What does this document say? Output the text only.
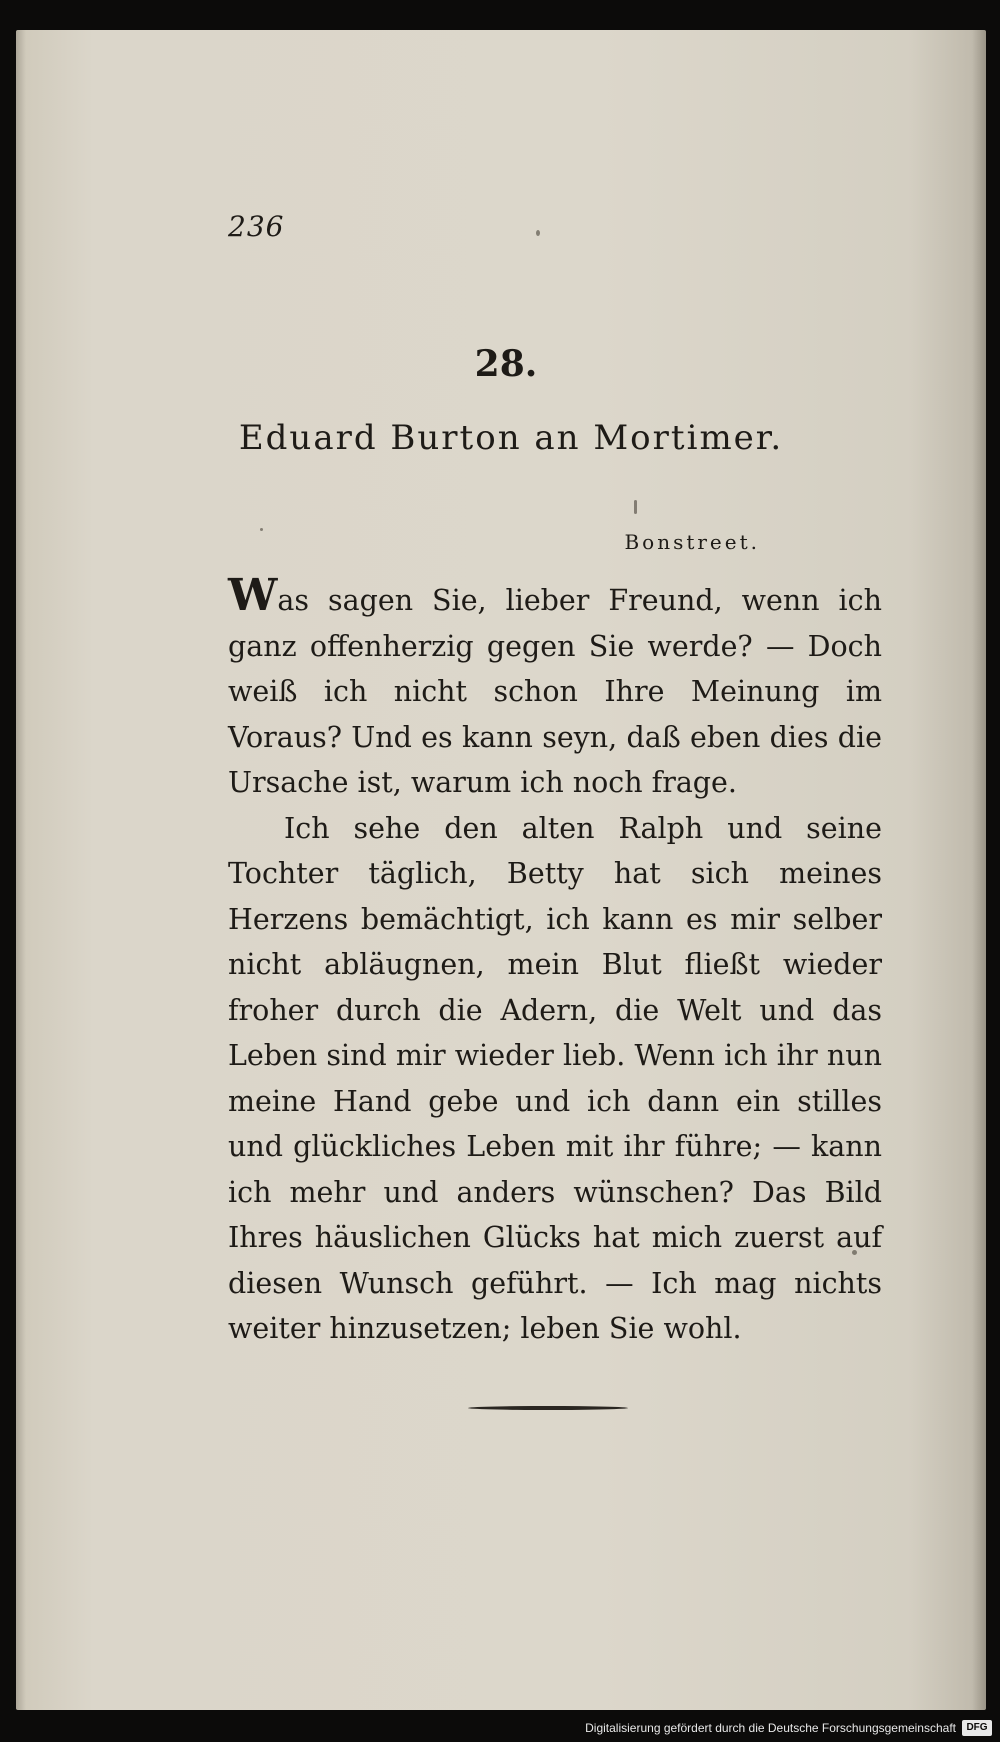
236
28.
Eduard Burton an Mortimer.
Bonstreet.

Was sagen Sie, lieber Freund, wenn ich ganz offenherzig gegen Sie werde? — Doch weiß ich nicht schon Ihre Meinung im Voraus? Und es kann seyn, daß eben dies die Ursache ist, warum ich noch frage.

Ich sehe den alten Ralph und seine Tochter täglich, Betty hat sich meines Herzens bemächtigt, ich kann es mir selber nicht abläugnen, mein Blut fließt wieder froher durch die Adern, die Welt und das Leben sind mir wieder lieb. Wenn ich ihr nun meine Hand gebe und ich dann ein stilles und glückliches Leben mit ihr führe; — kann ich mehr und anders wünschen? Das Bild Ihres häuslichen Glücks hat mich zuerst auf diesen Wunsch geführt. — Ich mag nichts weiter hinzusetzen; leben Sie wohl.

Digitalisierung gefördert durch die Deutsche Forschungsgemeinschaft	DFG
